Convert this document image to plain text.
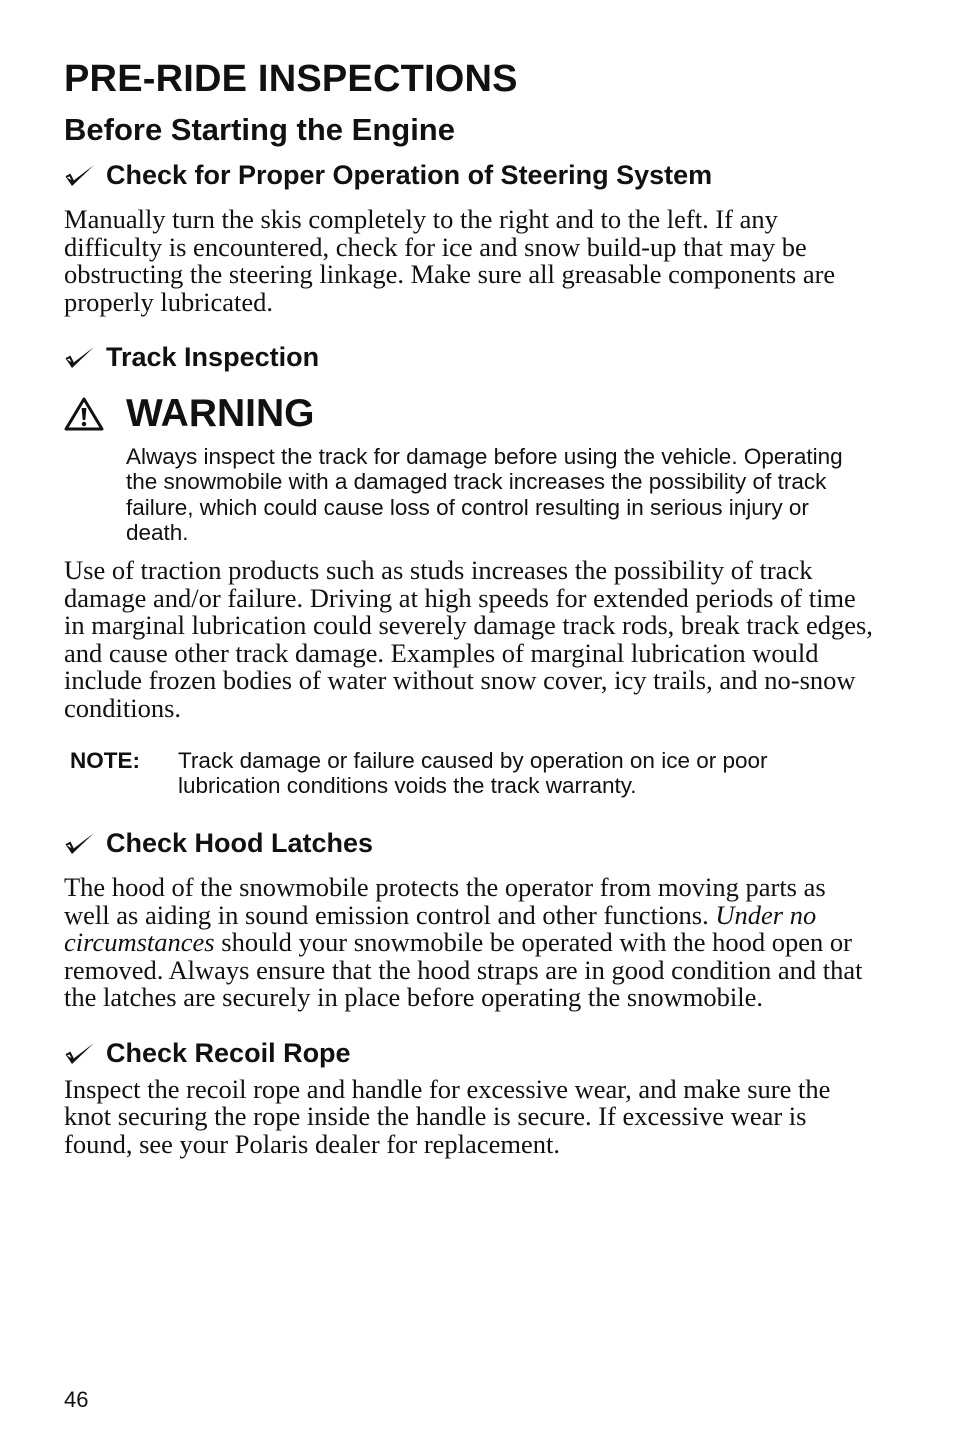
PRE-RIDE INSPECTIONS
Before Starting the Engine
Check for Proper Operation of Steering System

Manually turn the skis completely to the right and to the left. If any difficulty is encountered, check for ice and snow build-up that may be obstructing the steering linkage. Make sure all greasable components are properly lubricated.

Track Inspection
WARNING

Always inspect the track for damage before using the vehicle. Operating the snowmobile with a damaged track increases the possibility of track failure, which could cause loss of control resulting in serious injury or death.

Use of traction products such as studs increases the possibility of track damage and/or failure. Driving at high speeds for extended periods of time in marginal lubrication could severely damage track rods, break track edges, and cause other track damage. Examples of marginal lubrication would include frozen bodies of water without snow cover, icy trails, and no-snow conditions.

NOTE:	Track damage or failure caused by operation on ice or poor lubrication conditions voids the track warranty.
Check Hood Latches

The hood of the snowmobile protects the operator from moving parts as well as aiding in sound emission control and other functions. Under no circumstances should your snowmobile be operated with the hood open or removed. Always ensure that the hood straps are in good condition and that the latches are securely in place before operating the snowmobile.

Check Recoil Rope

Inspect the recoil rope and handle for excessive wear, and make sure the knot securing the rope inside the handle is secure. If excessive wear is found, see your Polaris dealer for replacement.

46
